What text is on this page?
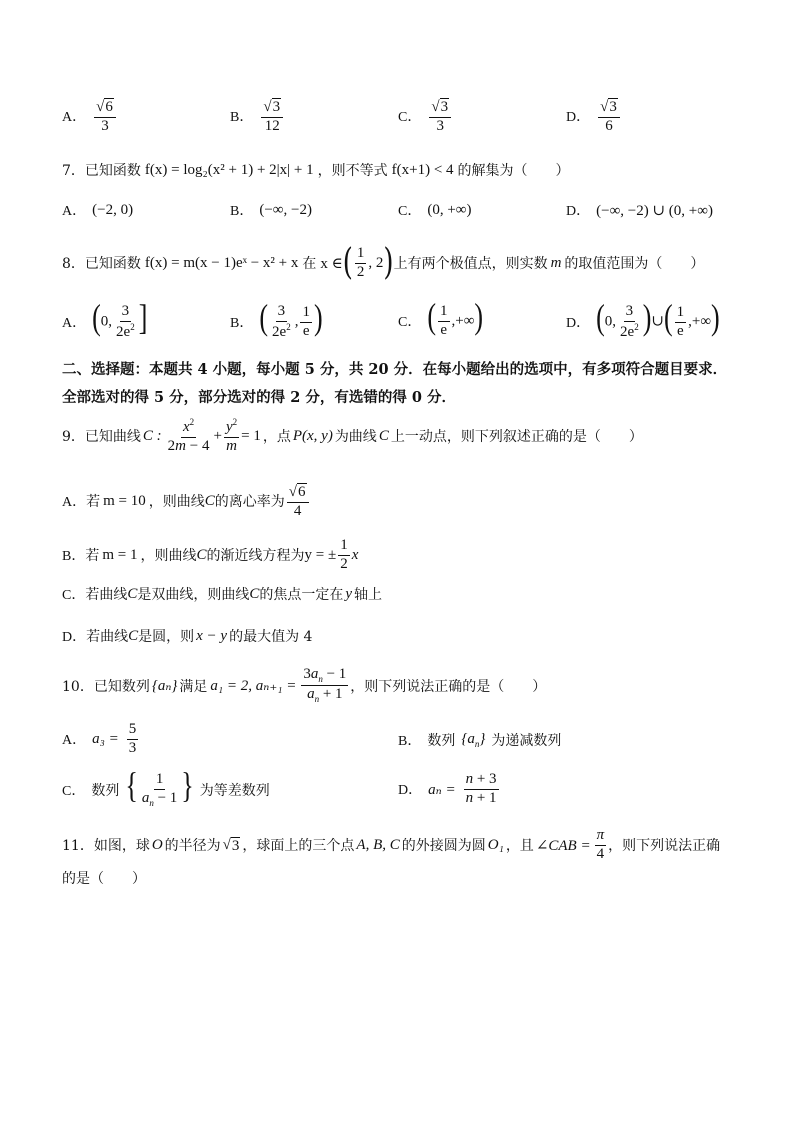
A． $\frac{√ 6}{3}$	B． $\frac{√ 3}{12}$	C． $\frac{√ 3}{3}$	D． $\frac{√ 3}{6}$
7． 已知函数 f(x) = log₂(x² + 1) + 2|x| + 1 ，则不等式 f(x+1) < 4 的解集为（　　）
A． (−2, 0)	B． (−∞, −2)	C． (0, +∞)	D． (−∞, −2) ∪ (0, +∞)
8． 已知函数 f(x) = m(x − 1)eˣ − x² + x 在 x ∈ ( $\frac{1}{2}$ , 2 ) 上有两个极值点，则实数 m 的取值范围为（　　）
A． (0, $\frac{3}{2e^2}$ ]	B． ( $\frac{3}{2e^2}$ , $\frac{1}{e}$ )	C． ( $\frac{1}{e}$ ,+∞)	D． (0, $\frac{3}{2e^2}$ )∪( $\frac{1}{e}$ ,+∞)
二、选择题：本题共 4 小题，每小题 5 分，共 20 分．在每小题给出的选项中，有多项符合题目要求．全部选对的得 5 分，部分选对的得 2 分，有选错的得 0 分．
9． 已知曲线 C : $\frac{x^2}{2m - 4} + \frac{y^2}{m} = 1$ ，点 P(x, y) 为曲线 C 上一动点，则下列叙述正确的是（　　）
A． 若 m = 10 ，则曲线 C 的离心率为 $\frac{√ 6}{4}$
B． 若 m = 1 ，则曲线 C 的渐近线方程为 y = ± $\frac{1}{2}$ x
C． 若曲线 C 是双曲线，则曲线 C 的焦点一定在 y 轴上
D． 若曲线 C 是圆，则 x − y 的最大值为 4
10． 已知数列 {aₙ} 满足 a₁ = 2, $a_{n+1} = \frac{3a_n - 1}{a_n + 1}$ ，则下列说法正确的是（　　）
A． $a_3 = \frac{5}{3}$	B． 数列 $\{a_n\}$ 为递减数列
C． 数列 { $\frac{1}{a_n - 1}$ } 为等差数列	D． $a_n = \frac{n + 3}{n + 1}$
11． 如图，球 O 的半径为 √ 3 ，球面上的三个点 A, B, C 的外接圆为圆 O₁ ，且 ∠CAB = $\frac{\pi}{4}$ ，则下列说法正确
的是（　　）
